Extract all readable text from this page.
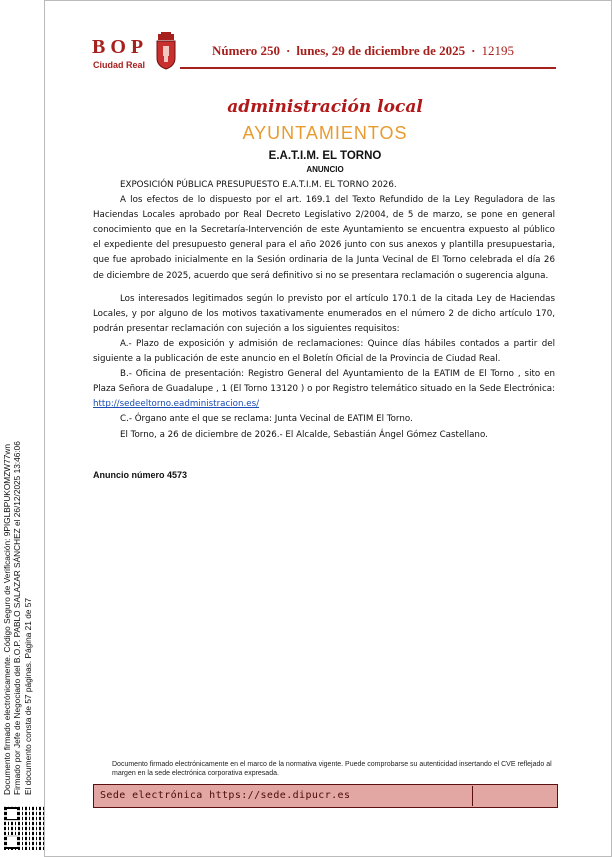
Documento firmado electrónicamente. Código Seguro de Verificación: 9PIGLBPUKOMZW77wn Firmado por Jefe de Negociado del B.O.P. PABLO SALAZAR SÁNCHEZ el 26/12/2025 13:46:06 El documento consta de 57 páginas. Página 21 de 57
BOP
Ciudad Real
Número 250 · lunes, 29 de diciembre de 2025 · 12195
administración local
AYUNTAMIENTOS
E.A.T.I.M. EL TORNO
ANUNCIO

EXPOSICIÓN PÚBLICA PRESUPUESTO E.A.T.I.M. EL TORNO 2026.

A los efectos de lo dispuesto por el art. 169.1 del Texto Refundido de la Ley Reguladora de las Haciendas Locales aprobado por Real Decreto Legislativo 2/2004, de 5 de marzo, se pone en general conocimiento que en la Secretaría-Intervención de este Ayuntamiento se encuentra expuesto al público el expediente del presupuesto general para el año 2026 junto con sus anexos y plantilla presupuestaria, que fue aprobado inicialmente en la Sesión ordinaria de la Junta Vecinal de El Torno celebrada el día 26 de diciembre de 2025, acuerdo que será definitivo si no se presentara reclamación o sugerencia alguna.

Los interesados legitimados según lo previsto por el artículo 170.1 de la citada Ley de Haciendas Locales, y por alguno de los motivos taxativamente enumerados en el número 2 de dicho artículo 170, podrán presentar reclamación con sujeción a los siguientes requisitos:

A.- Plazo de exposición y admisión de reclamaciones: Quince días hábiles contados a partir del siguiente a la publicación de este anuncio en el Boletín Oficial de la Provincia de Ciudad Real.

B.- Oficina de presentación: Registro General del Ayuntamiento de la EATIM de El Torno , sito en Plaza Señora de Guadalupe , 1 (El Torno 13120 ) o por Registro telemático situado en la Sede Electrónica: http://sedeeltorno.eadministracion.es/

C.- Órgano ante el que se reclama: Junta Vecinal de EATIM El Torno.

El Torno, a 26 de diciembre de 2026.- El Alcalde, Sebastián Ángel Gómez Castellano.

Anuncio número 4573
Documento firmado electrónicamente en el marco de la normativa vigente. Puede comprobarse su autenticidad insertando el CVE reflejado al margen en la sede electrónica corporativa expresada.
Sede electrónica https://sede.dipucr.es
